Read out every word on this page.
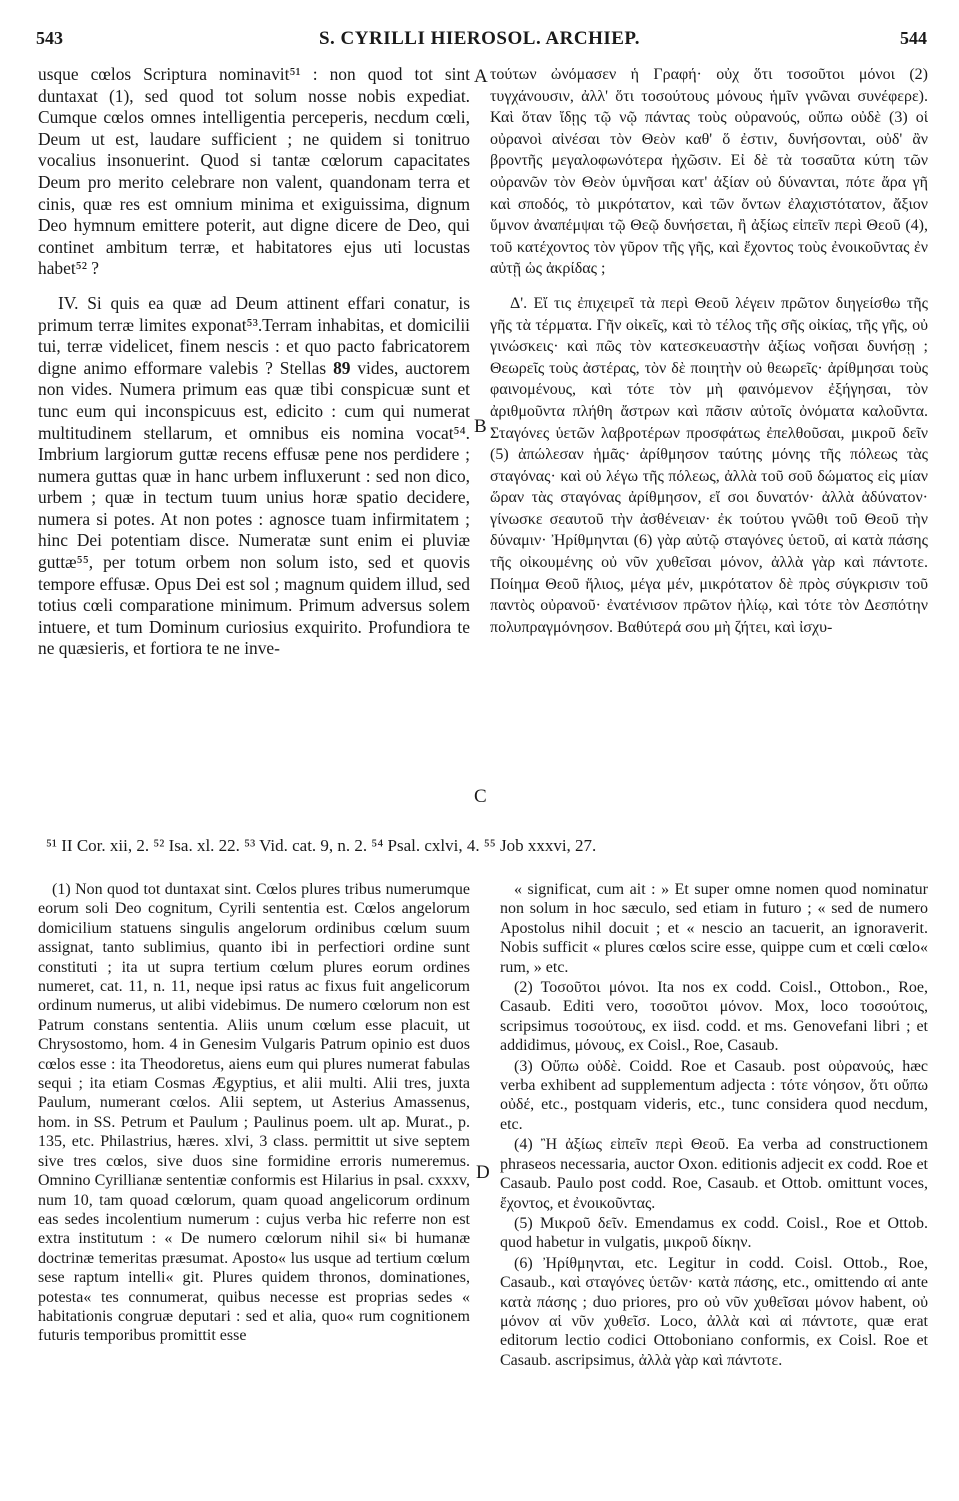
543	S. CYRILLI HIEROSOL. ARCHIEP.	544

usque cœlos Scriptura nominavit⁵¹ : non quod tot sint duntaxat (1), sed quod tot solum nosse nobis expediat. Cumque cœlos omnes intelligentia perceperis, necdum cœli, Deum ut est, laudare sufficient ; ne quidem si tonitruo vocalius insonuerint. Quod si tantæ cœlorum capacitates Deum pro merito celebrare non valent, quandonam terra et cinis, quæ res est omnium minima et exiguissima, dignum Deo hymnum emittere poterit, aut digne dicere de Deo, qui continet ambitum terræ, et habitatores ejus uti locustas habet⁵² ?

IV. Si quis ea quæ ad Deum attinent effari conatur, is primum terræ limites exponat⁵³.Terram inhabitas, et domicilii tui, terræ videlicet, finem nescis : et quo pacto fabricatorem digne animo efformare valebis ? Stellas 89 vides, auctorem non vides. Numera primum eas quæ tibi conspicuæ sunt et tunc eum qui inconspicuus est, edicito : cum qui numerat multitudinem stellarum, et omnibus eis nomina vocat⁵⁴. Imbrium largiorum guttæ recens effusæ pene nos perdidere ; numera guttas quæ in hanc urbem influxerunt : sed non dico, urbem ; quæ in tectum tuum unius horæ spatio decidere, numera si potes. At non potes : agnosce tuam infirmitatem ; hinc Dei potentiam disce. Numeratæ sunt enim ei pluviæ guttæ⁵⁵, per totum orbem non solum isto, sed et quovis tempore effusæ. Opus Dei est sol ; magnum quidem illud, sed totius cœli comparatione minimum. Primum adversus solem intuere, et tum Dominum curiosius exquirito. Profundiora te ne quæsieris, et fortiora te ne inve-

A
B
C
D

τούτων ὠνόμασεν ἡ Γραφή· οὐχ ὅτι τοσοῦτοι μόνοι (2) τυγχάνουσιν, ἀλλ' ὅτι τοσούτους μόνους ἡμῖν γνῶναι συνέφερε). Καὶ ὅταν ἴδῃς τῷ νῷ πάντας τοὺς οὐρανούς, οὔπω οὐδὲ (3) οἱ οὐρανοὶ αἰνέσαι τὸν Θεὸν καθ' ὅ ἐστιν, δυνήσονται, οὐδ' ἂν βροντῆς μεγαλοφωνότερα ἠχῶσιν. Εἰ δὲ τὰ τοσαῦτα κύτη τῶν οὐρανῶν τὸν Θεὸν ὑμνῆσαι κατ' ἀξίαν οὐ δύνανται, πότε ἄρα γῆ καὶ σποδός, τὸ μικρότατον, καὶ τῶν ὄντων ἐλαχιστότατον, ἄξιον ὕμνον ἀναπέμψαι τῷ Θεῷ δυνήσεται, ἢ ἀξίως εἰπεῖν περὶ Θεοῦ (4), τοῦ κατέχοντος τὸν γῦρον τῆς γῆς, καὶ ἔχοντος τοὺς ἐνοικοῦντας ἐν αὐτῇ ὡς ἀκρίδας ;

Δ'. Εἴ τις ἐπιχειρεῖ τὰ περὶ Θεοῦ λέγειν πρῶτον διηγείσθω τῆς γῆς τὰ τέρματα. Γῆν οἰκεῖς, καὶ τὸ τέλος τῆς σῆς οἰκίας, τῆς γῆς, οὐ γινώσκεις· καὶ πῶς τὸν κατεσκευαστὴν ἀξίως νοῆσαι δυνήσῃ ; Θεωρεῖς τοὺς ἀστέρας, τὸν δὲ ποιητὴν οὐ θεωρεῖς· ἀρίθμησαι τοὺς φαινομένους, καὶ τότε τὸν μὴ φαινόμενον ἐξήγησαι, τὸν ἀριθμοῦντα πλήθη ἄστρων καὶ πᾶσιν αὐτοῖς ὀνόματα καλοῦντα. Σταγόνες ὑετῶν λαβροτέρων προσφάτως ἐπελθοῦσαι, μικροῦ δεῖν (5) ἀπώλεσαν ἡμᾶς· ἀρίθμησον ταύτης μόνης τῆς πόλεως τὰς σταγόνας· καὶ οὐ λέγω τῆς πόλεως, ἀλλὰ τοῦ σοῦ δώματος εἰς μίαν ὥραν τὰς σταγόνας ἀρίθμησον, εἴ σοι δυνατόν· ἀλλὰ ἀδύνατον· γίνωσκε σεαυτοῦ τὴν ἀσθένειαν· ἐκ τούτου γνῶθι τοῦ Θεοῦ τὴν δύναμιν· Ἠρίθμηνται (6) γὰρ αὐτῷ σταγόνες ὑετοῦ, αἱ κατὰ πάσης τῆς οἰκουμένης οὐ νῦν χυθεῖσαι μόνον, ἀλλὰ γὰρ καὶ πάντοτε. Ποίημα Θεοῦ ἥλιος, μέγα μέν, μικρότατον δὲ πρὸς σύγκρισιν τοῦ παντὸς οὐρανοῦ· ἐνατένισον πρῶτον ἡλίῳ, καὶ τότε τὸν Δεσπότην πολυπραγμόνησον. Βαθύτερά σου μὴ ζήτει, καὶ ἰσχυ-

⁵¹ II Cor. xii, 2. ⁵² Isa. xl. 22. ⁵³ Vid. cat. 9, n. 2. ⁵⁴ Psal. cxlvi, 4. ⁵⁵ Job xxxvi, 27.

(1) Non quod tot duntaxat sint. Cœlos plures tribus numerumque eorum soli Deo cognitum, Cyrili sententia est. Cœlos angelorum domicilium statuens singulis angelorum ordinibus cœlum suum assignat, tanto sublimius, quanto ibi in perfectiori ordine sunt constituti ; ita ut supra tertium cœlum plures eorum ordines numeret, cat. 11, n. 11, neque ipsi ratus ac fixus fuit angelicorum ordinum numerus, ut alibi videbimus. De numero cœlorum non est Patrum constans sententia. Aliis unum cœlum esse placuit, ut Chrysostomo, hom. 4 in Genesim Vulgaris Patrum opinio est duos cœlos esse : ita Theodoretus, aiens eum qui plures numerat fabulas sequi ; ita etiam Cosmas Ægyptius, et alii multi. Alii tres, juxta Paulum, numerant cœlos. Alii septem, ut Asterius Amassenus, hom. in SS. Petrum et Paulum ; Paulinus poem. ult ap. Murat., p. 135, etc. Philastrius, hæres. xlvi, 3 class. permittit ut sive septem sive tres cœlos, sive duos sine formidine erroris numeremus. Omnino Cyrillianæ sententiæ conformis est Hilarius in psal. cxxxv, num 10, tam quoad cœlorum, quam quoad angelicorum ordinum eas sedes incolentium numerum : cujus verba hic referre non est extra institutum : « De numero cœlorum nihil si« bi humanæ doctrinæ temeritas præsumat. Aposto« lus usque ad tertium cœlum sese raptum intelli« git. Plures quidem thronos, dominationes, potesta« tes connumerat, quibus necesse est proprias sedes « habitationis congruæ deputari : sed et alia, quo« rum cognitionem futuris temporibus promittit esse

« significat, cum ait : » Et super omne nomen quod nominatur non solum in hoc sæculo, sed etiam in futuro ; « sed de numero Apostolus nihil docuit ; et « nescio an tacuerit, an ignoraverit. Nobis sufficit « plures cœlos scire esse, quippe cum et cœli cœlo« rum, » etc.

(2) Τοσοῦτοι μόνοι. Ita nos ex codd. Coisl., Ottobon., Roe, Casaub. Editi vero, τοσοῦτοι μόνον. Mox, loco τοσούτοις, scripsimus τοσούτους, ex iisd. codd. et ms. Genovefani libri ; et addidimus, μόνους, ex Coisl., Roe, Casaub.

(3) Οὔπω οὐδὲ. Coidd. Roe et Casaub. post οὐρανούς, hæc verba exhibent ad supplementum adjecta : τότε νόησον, ὅτι οὔπω οὐδέ, etc., postquam videris, etc., tunc considera quod necdum, etc.

(4) Ἢ ἀξίως εἰπεῖν περὶ Θεοῦ. Ea verba ad constructionem phraseos necessaria, auctor Oxon. editionis adjecit ex codd. Roe et Casaub. Paulo post codd. Roe, Casaub. et Ottob. omittunt voces, ἔχοντος, et ἐνοικοῦντας.

(5) Μικροῦ δεῖν. Emendamus ex codd. Coisl., Roe et Ottob. quod habetur in vulgatis, μικροῦ δίκην.

(6) Ἠρίθμηνται, etc. Legitur in codd. Coisl. Ottob., Roe, Casaub., καὶ σταγόνες ὑετῶν· κατὰ πάσης, etc., omittendo αἱ ante κατὰ πάσης ; duo priores, pro οὐ νῦν χυθεῖσαι μόνον habent, οὐ μόνον αἱ νῦν χυθεῖσ. Loco, ἀλλὰ καὶ αἱ πάντοτε, quæ erat editorum lectio codici Ottoboniano conformis, ex Coisl. Roe et Casaub. ascripsimus, ἀλλὰ γὰρ καὶ πάντοτε.
